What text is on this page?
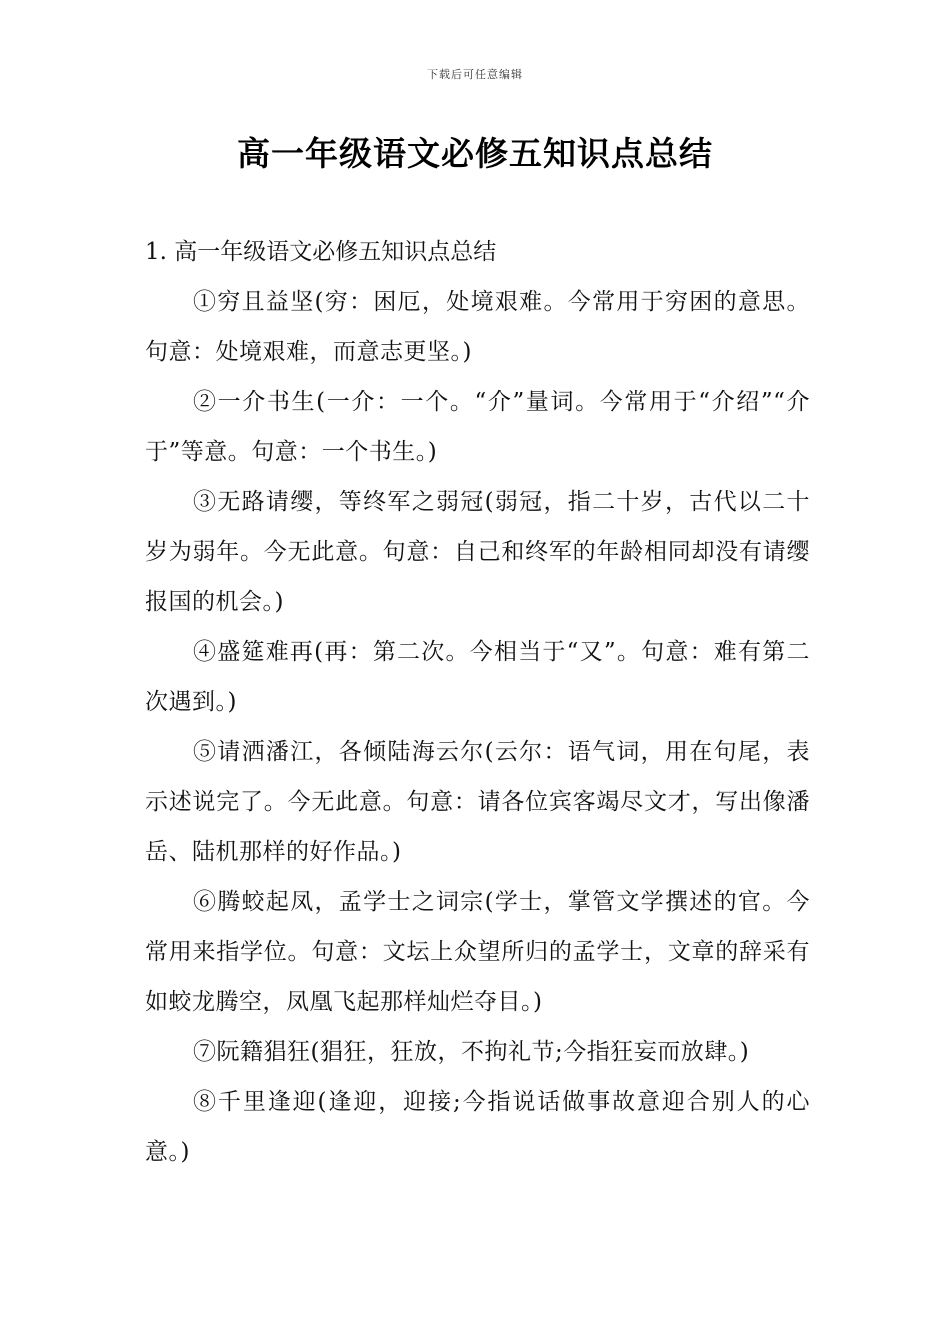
下载后可任意编辑
高一年级语文必修五知识点总结

1. 高一年级语文必修五知识点总结

①穷且益坚(穷：困厄，处境艰难。今常用于穷困的意思。句意：处境艰难，而意志更坚。)

②一介书生(一介：一个。“介”量词。今常用于“介绍”“介于”等意。句意：一个书生。)

③无路请缨，等终军之弱冠(弱冠，指二十岁，古代以二十岁为弱年。今无此意。句意：自己和终军的年龄相同却没有请缨报国的机会。)

④盛筵难再(再：第二次。今相当于“又”。句意：难有第二次遇到。)

⑤请洒潘江，各倾陆海云尔(云尔：语气词，用在句尾，表示述说完了。今无此意。句意：请各位宾客竭尽文才，写出像潘岳、陆机那样的好作品。)

⑥腾蛟起凤，孟学士之词宗(学士，掌管文学撰述的官。今常用来指学位。句意：文坛上众望所归的孟学士，文章的辞采有如蛟龙腾空，凤凰飞起那样灿烂夺目。)

⑦阮籍猖狂(猖狂，狂放，不拘礼节;今指狂妄而放肆。)

⑧千里逢迎(逢迎，迎接;今指说话做事故意迎合别人的心意。)
